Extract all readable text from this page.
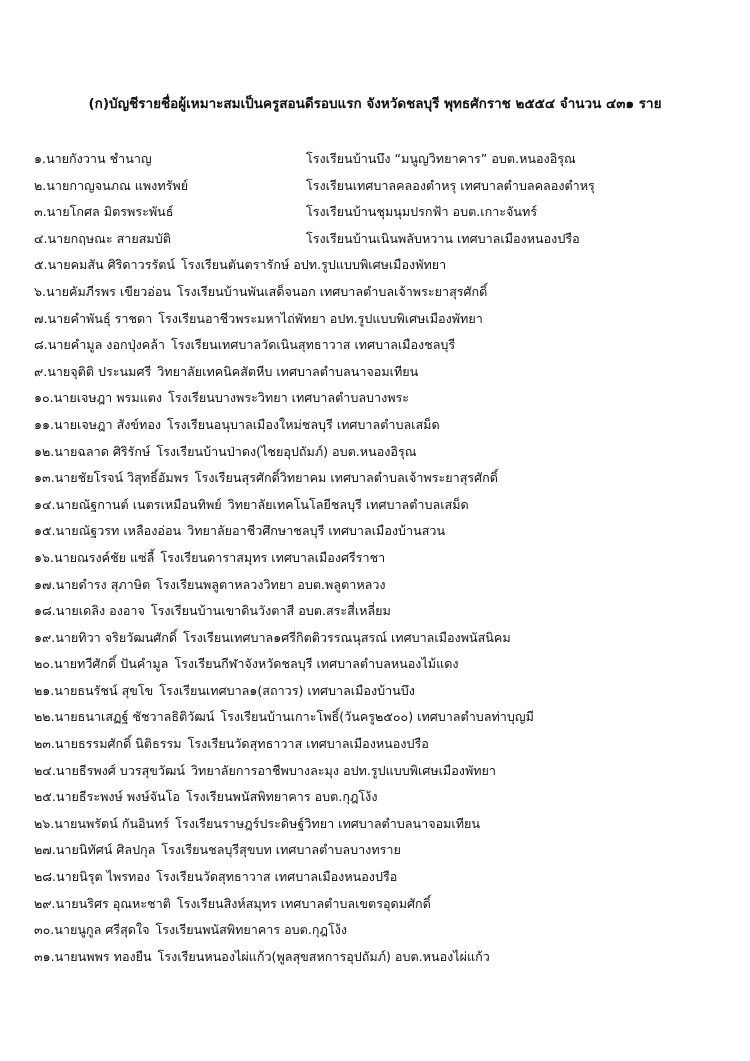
(ก)บัญชีรายชื่อผู้เหมาะสมเป็นครูสอนดีรอบแรก จังหวัดชลบุรี พุทธศักราช ๒๕๕๔ จำนวน ๔๓๑ ราย
๑.นายกังวาน ชำนาญ	โรงเรียนบ้านบึง “มนูญวิทยาคาร” อบต.หนองอิรุณ
๒.นายกาญจนภณ แพงทรัพย์	โรงเรียนเทศบาลคลองตำหรุ เทศบาลตำบลคลองตำหรุ
๓.นายโกศล มิตรพระพันธ์	โรงเรียนบ้านชุมนุมปรกฟ้า อบต.เกาะจันทร์
๔.นายกฤษณะ สายสมบัติ	โรงเรียนบ้านเนินพลับหวาน เทศบาลเมืองหนองปรือ
๕.นายคมสัน ศิริดาวรรัตน์ โรงเรียนตันตรารักษ์ อปท.รูปแบบพิเศษเมืองพัทยา
๖.นายคัมภีรพร เขียวอ่อน โรงเรียนบ้านพันเสด็จนอก เทศบาลตำบลเจ้าพระยาสุรศักดิ์
๗.นายคำพันธุ์ ราชดา โรงเรียนอาชีวพระมหาไถ่พัทยา อปท.รูปแบบพิเศษเมืองพัทยา
๘.นายคำมูล งอกปุ่งคล้า โรงเรียนเทศบาลวัดเนินสุทธาวาส เทศบาลเมืองชลบุรี
๙.นายจุติติ ประนมศรี วิทยาลัยเทคนิคสัตหีบ เทศบาลตำบลนาจอมเทียน
๑๐.นายเจษฎา พรมแตง โรงเรียนบางพระวิทยา เทศบาลตำบลบางพระ
๑๑.นายเจษฎา สังข์ทอง โรงเรียนอนุบาลเมืองใหม่ชลบุรี เทศบาลตำบลเสม็ด
๑๒.นายฉลาด ศิริรักษ์ โรงเรียนบ้านป่าดง(ไชยอุปถัมภ์) อบต.หนองอิรุณ
๑๓.นายชัยโรจน์ วิสุทธิ์อัมพร โรงเรียนสุรศักดิ์วิทยาคม เทศบาลตำบลเจ้าพระยาสุรศักดิ์
๑๔.นายณัฐกานต์ เนตรเหมือนทิพย์ วิทยาลัยเทคโนโลยีชลบุรี เทศบาลตำบลเสม็ด
๑๕.นายณัฐวรท เหลืองอ่อน วิทยาลัยอาชีวศึกษาชลบุรี เทศบาลเมืองบ้านสวน
๑๖.นายณรงค์ชัย แซ่ลี้ โรงเรียนดาราสมุทร เทศบาลเมืองศรีราชา
๑๗.นายดำรง สุภาษิต โรงเรียนพลูตาหลวงวิทยา อบต.พลูตาหลวง
๑๘.นายเดลิง องอาจ โรงเรียนบ้านเขาดินวังตาสี อบต.สระสี่เหลี่ยม
๑๙.นายทิวา จริยวัฒนศักดิ์ โรงเรียนเทศบาล๑ศรีกิตติวรรณนุสรณ์ เทศบาลเมืองพนัสนิคม
๒๐.นายทวีศักดิ์ ปันคำมูล โรงเรียนกีฬาจังหวัดชลบุรี เทศบาลตำบลหนองไม้แดง
๒๑.นายธนรัชน์ สุขโข โรงเรียนเทศบาล๑(สถาวร) เทศบาลเมืองบ้านบึง
๒๒.นายธนาเสฏฐ์ ชัชวาลธิติวัฒน์ โรงเรียนบ้านเกาะโพธิ์(วันครู๒๕๐๐) เทศบาลตำบลท่าบุญมี
๒๓.นายธรรมศักดิ์ นิติธรรม โรงเรียนวัดสุทธาวาส เทศบาลเมืองหนองปรือ
๒๔.นายธีรพงศ์ บวรสุขวัฒน์ วิทยาลัยการอาชีพบางละมุง อปท.รูปแบบพิเศษเมืองพัทยา
๒๕.นายธีระพงษ์ พงษ์จันโอ โรงเรียนพนัสพิทยาคาร อบต.กุฎโง้ง
๒๖.นายนพรัตน์ กันอินทร์ โรงเรียนราษฎร์ประดิษฐ์วิทยา เทศบาลตำบลนาจอมเทียน
๒๗.นายนิทัศน์ ศิลปกุล โรงเรียนชลบุรีสุขบท เทศบาลตำบลบางทราย
๒๘.นายนิรุต ไพรทอง โรงเรียนวัดสุทธาวาส เทศบาลเมืองหนองปรือ
๒๙.นายนริศร อุณหะชาติ โรงเรียนสิงห์สมุทร เทศบาลตำบลเขตรอุดมศักดิ์
๓๐.นายนูกูล ศรีสุดใจ โรงเรียนพนัสพิทยาคาร อบต.กุฎโง้ง
๓๑.นายนพพร ทองยืน โรงเรียนหนองไผ่แก้ว(พูลสุขสหการอุปถัมภ์) อบต.หนองไผ่แก้ว
